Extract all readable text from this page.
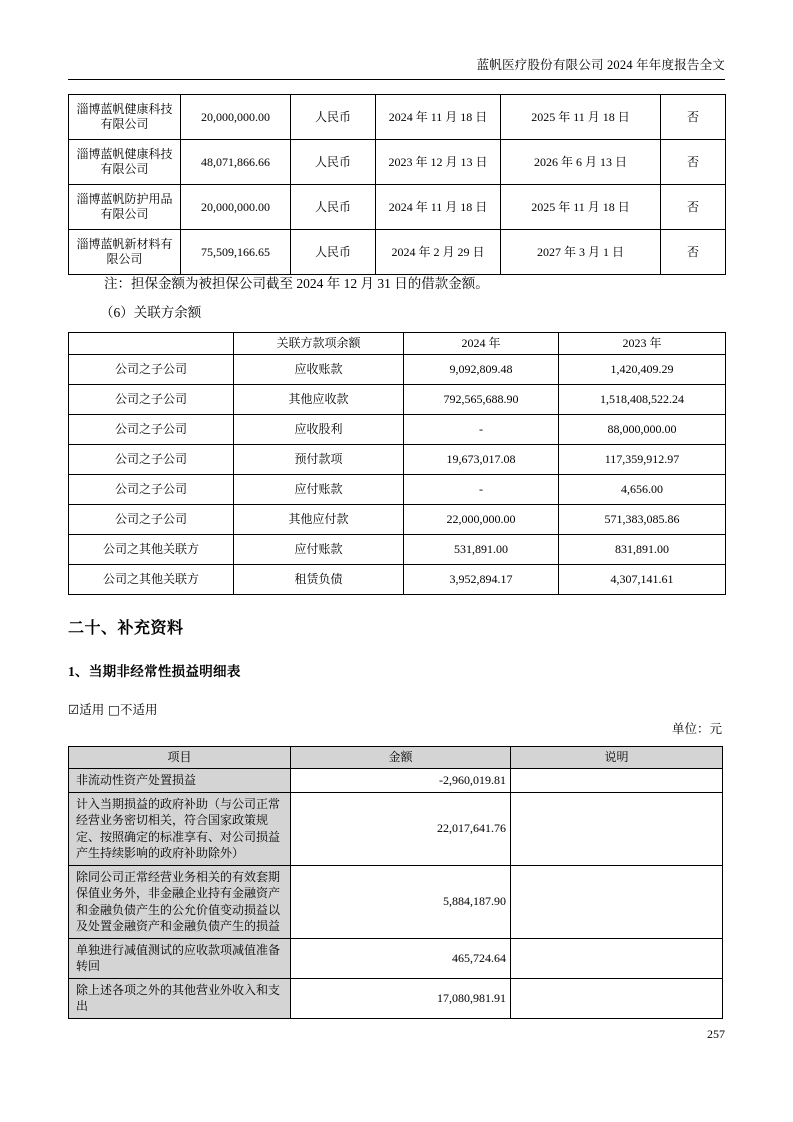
蓝帆医疗股份有限公司 2024 年年度报告全文
淄博蓝帆健康科技有限公司	20,000,000.00	人民币	2024 年 11 月 18 日	2025 年 11 月 18 日	否
淄博蓝帆健康科技有限公司	48,071,866.66	人民币	2023 年 12 月 13 日	2026 年 6 月 13 日	否
淄博蓝帆防护用品有限公司	20,000,000.00	人民币	2024 年 11 月 18 日	2025 年 11 月 18 日	否
淄博蓝帆新材料有限公司	75,509,166.65	人民币	2024 年 2 月 29 日	2027 年 3 月 1 日	否
注：担保金额为被担保公司截至 2024 年 12 月 31 日的借款金额。
（6）关联方余额
	关联方款项余额	2024 年	2023 年
公司之子公司	应收账款	9,092,809.48	1,420,409.29
公司之子公司	其他应收款	792,565,688.90	1,518,408,522.24
公司之子公司	应收股利	-	88,000,000.00
公司之子公司	预付款项	19,673,017.08	117,359,912.97
公司之子公司	应付账款	-	4,656.00
公司之子公司	其他应付款	22,000,000.00	571,383,085.86
公司之其他关联方	应付账款	531,891.00	831,891.00
公司之其他关联方	租赁负债	3,952,894.17	4,307,141.61
二十、补充资料
1、当期非经常性损益明细表
☑适用 □不适用
单位：元
项目	金额	说明
非流动性资产处置损益	-2,960,019.81	
计入当期损益的政府补助（与公司正常经营业务密切相关，符合国家政策规定、按照确定的标准享有、对公司损益产生持续影响的政府补助除外）	22,017,641.76	
除同公司正常经营业务相关的有效套期保值业务外，非金融企业持有金融资产和金融负债产生的公允价值变动损益以及处置金融资产和金融负债产生的损益	5,884,187.90	
单独进行减值测试的应收款项减值准备转回	465,724.64	
除上述各项之外的其他营业外收入和支出	17,080,981.91	
257
